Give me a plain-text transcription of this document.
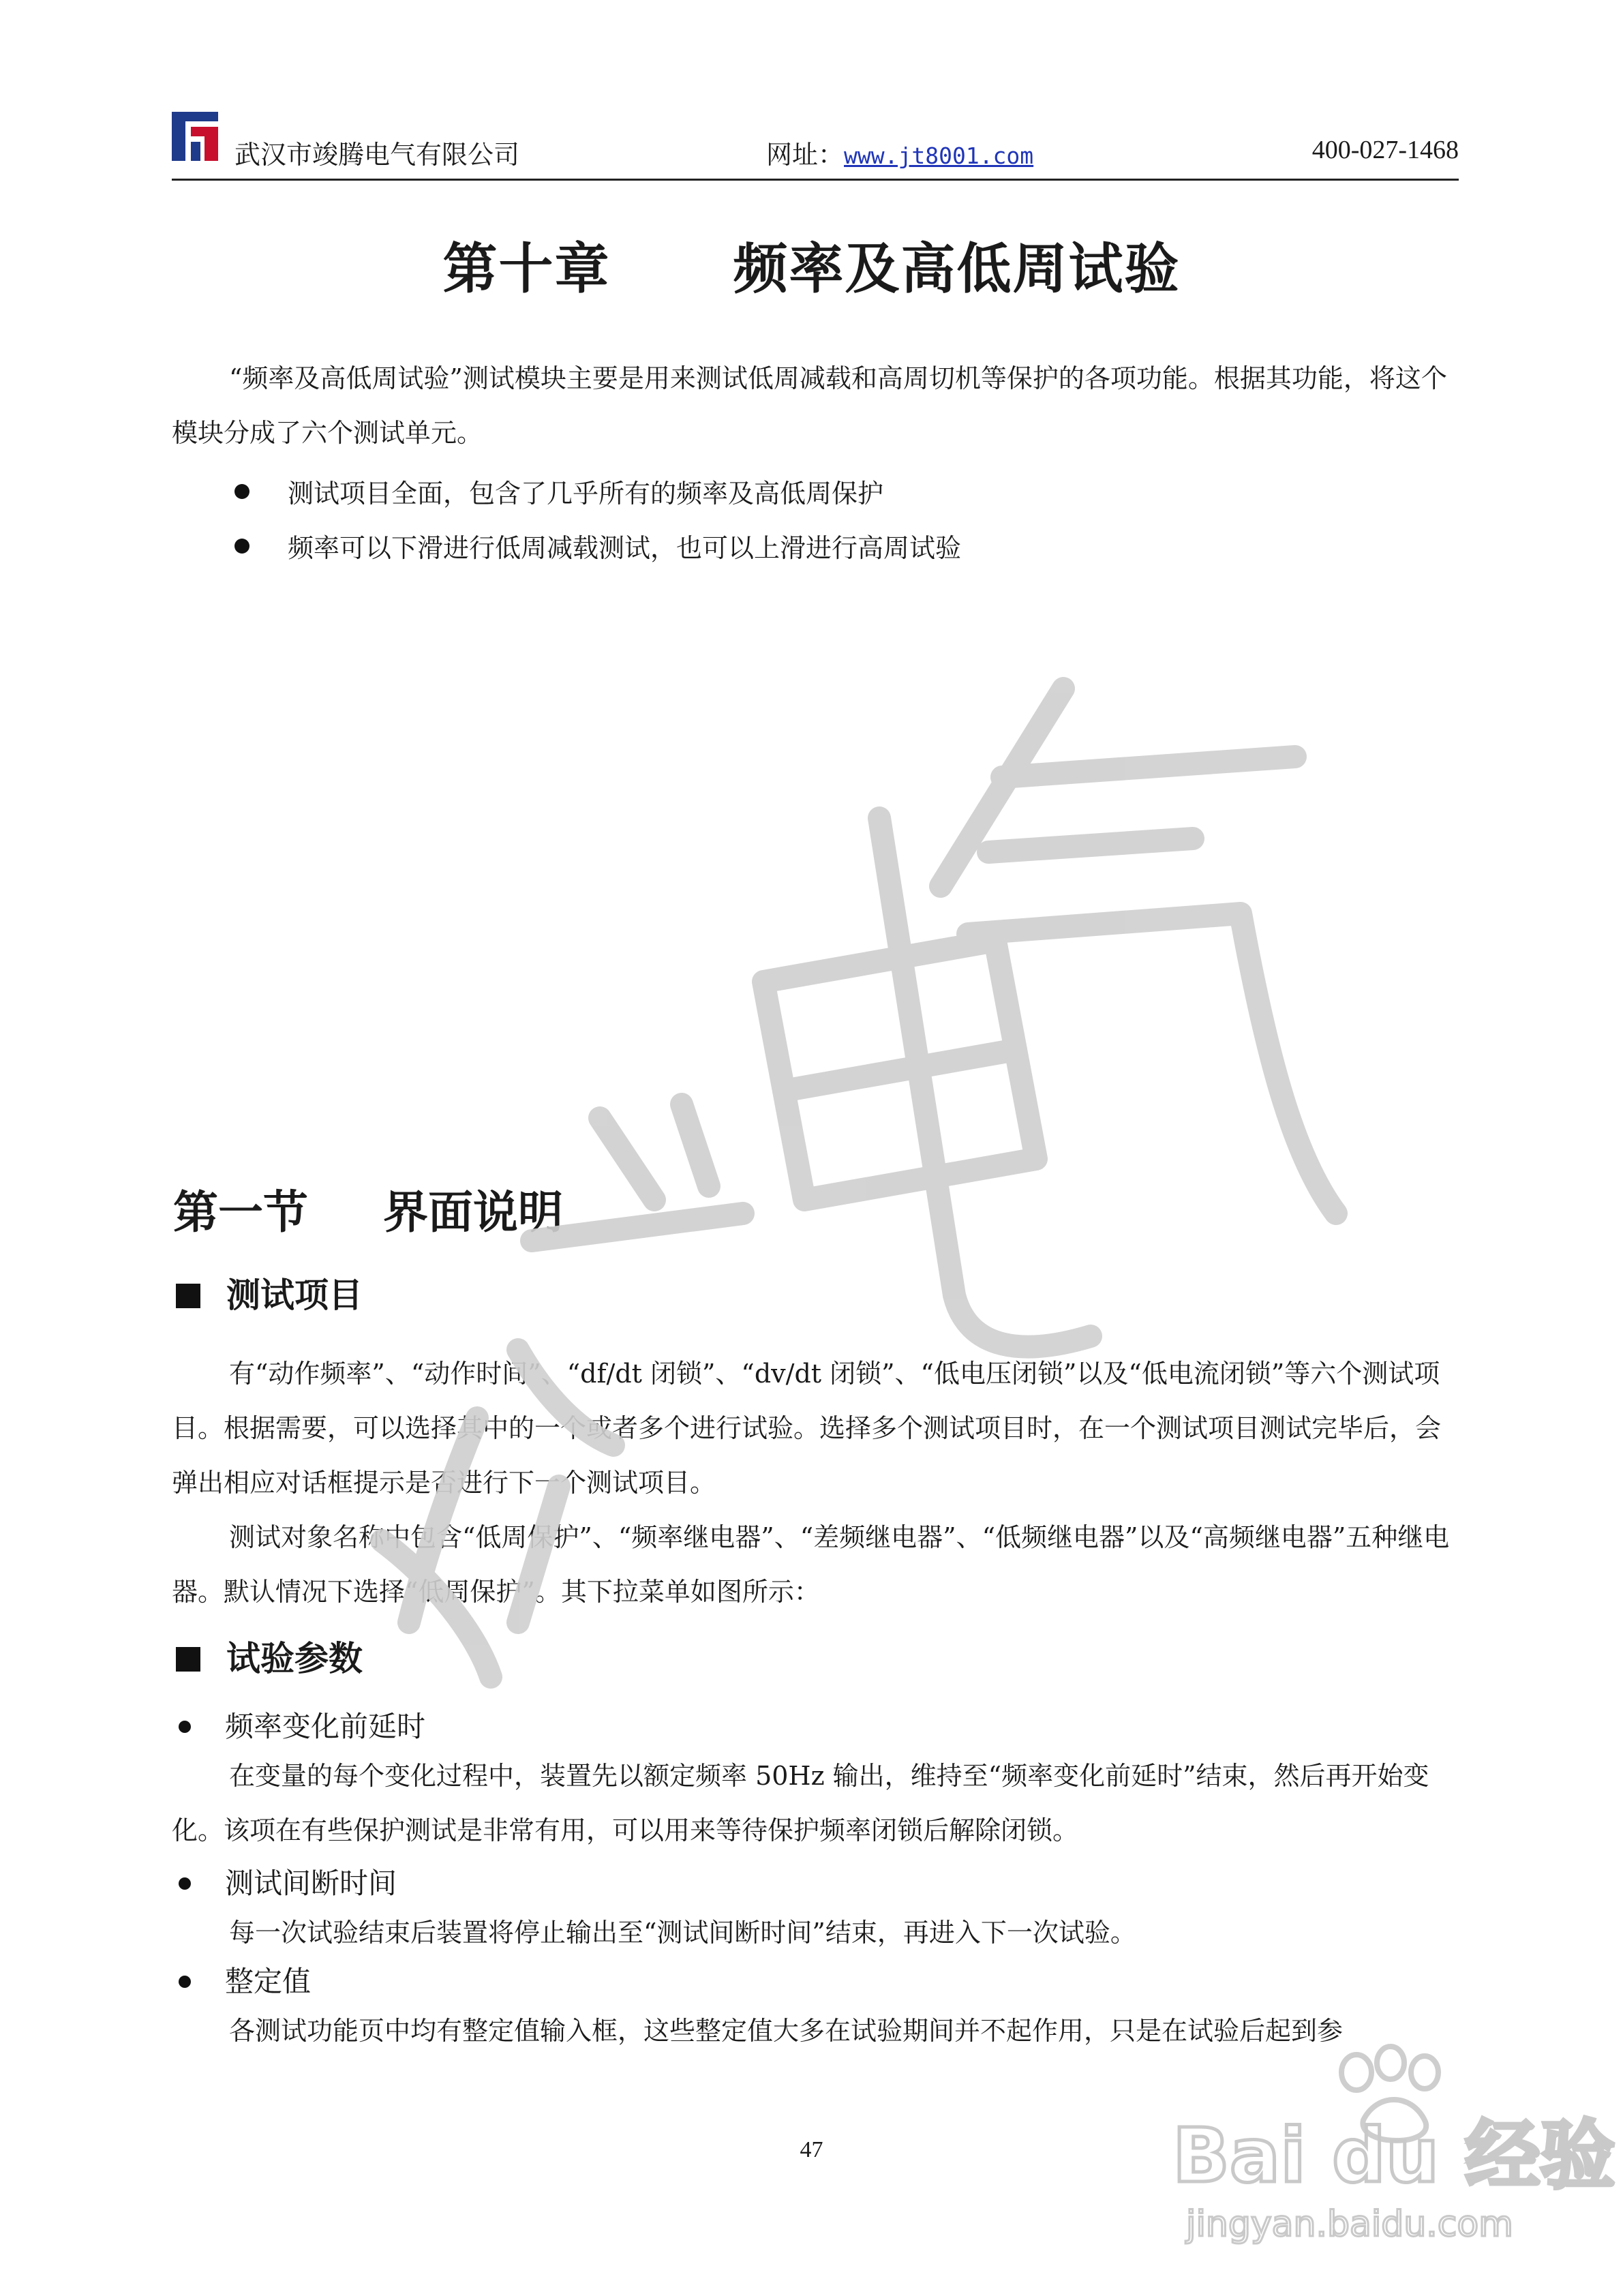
武汉市竣腾电气有限公司	网址：www.jt8001.com	400-027-1468
第十章 频率及高低周试验
“频率及高低周试验”测试模块主要是用来测试低周减载和高周切机等保护的各项功能。根据其功能，将这个模块分成了六个测试单元。
测试项目全面，包含了几乎所有的频率及高低周保护
频率可以下滑进行低周减载测试，也可以上滑进行高周试验
第一节 界面说明
测试项目
有“动作频率”、“动作时间”、“df/dt 闭锁”、“dv/dt 闭锁”、“低电压闭锁”以及“低电流闭锁”等六个测试项目。根据需要，可以选择其中的一个或者多个进行试验。选择多个测试项目时，在一个测试项目测试完毕后，会弹出相应对话框提示是否进行下一个测试项目。
测试对象名称中包含“低周保护”、“频率继电器”、“差频继电器”、“低频继电器”以及“高频继电器”五种继电器。默认情况下选择“低周保护”。其下拉菜单如图所示：
试验参数
频率变化前延时
在变量的每个变化过程中，装置先以额定频率 50Hz 输出，维持至“频率变化前延时”结束，然后再开始变化。该项在有些保护测试是非常有用，可以用来等待保护频率闭锁后解除闭锁。
测试间断时间
每一次试验结束后装置将停止输出至“测试间断时间”结束，再进入下一次试验。
整定值
各测试功能页中均有整定值输入框，这些整定值大多在试验期间并不起作用，只是在试验后起到参
47	Bai du 经验
jingyan.baidu.com
